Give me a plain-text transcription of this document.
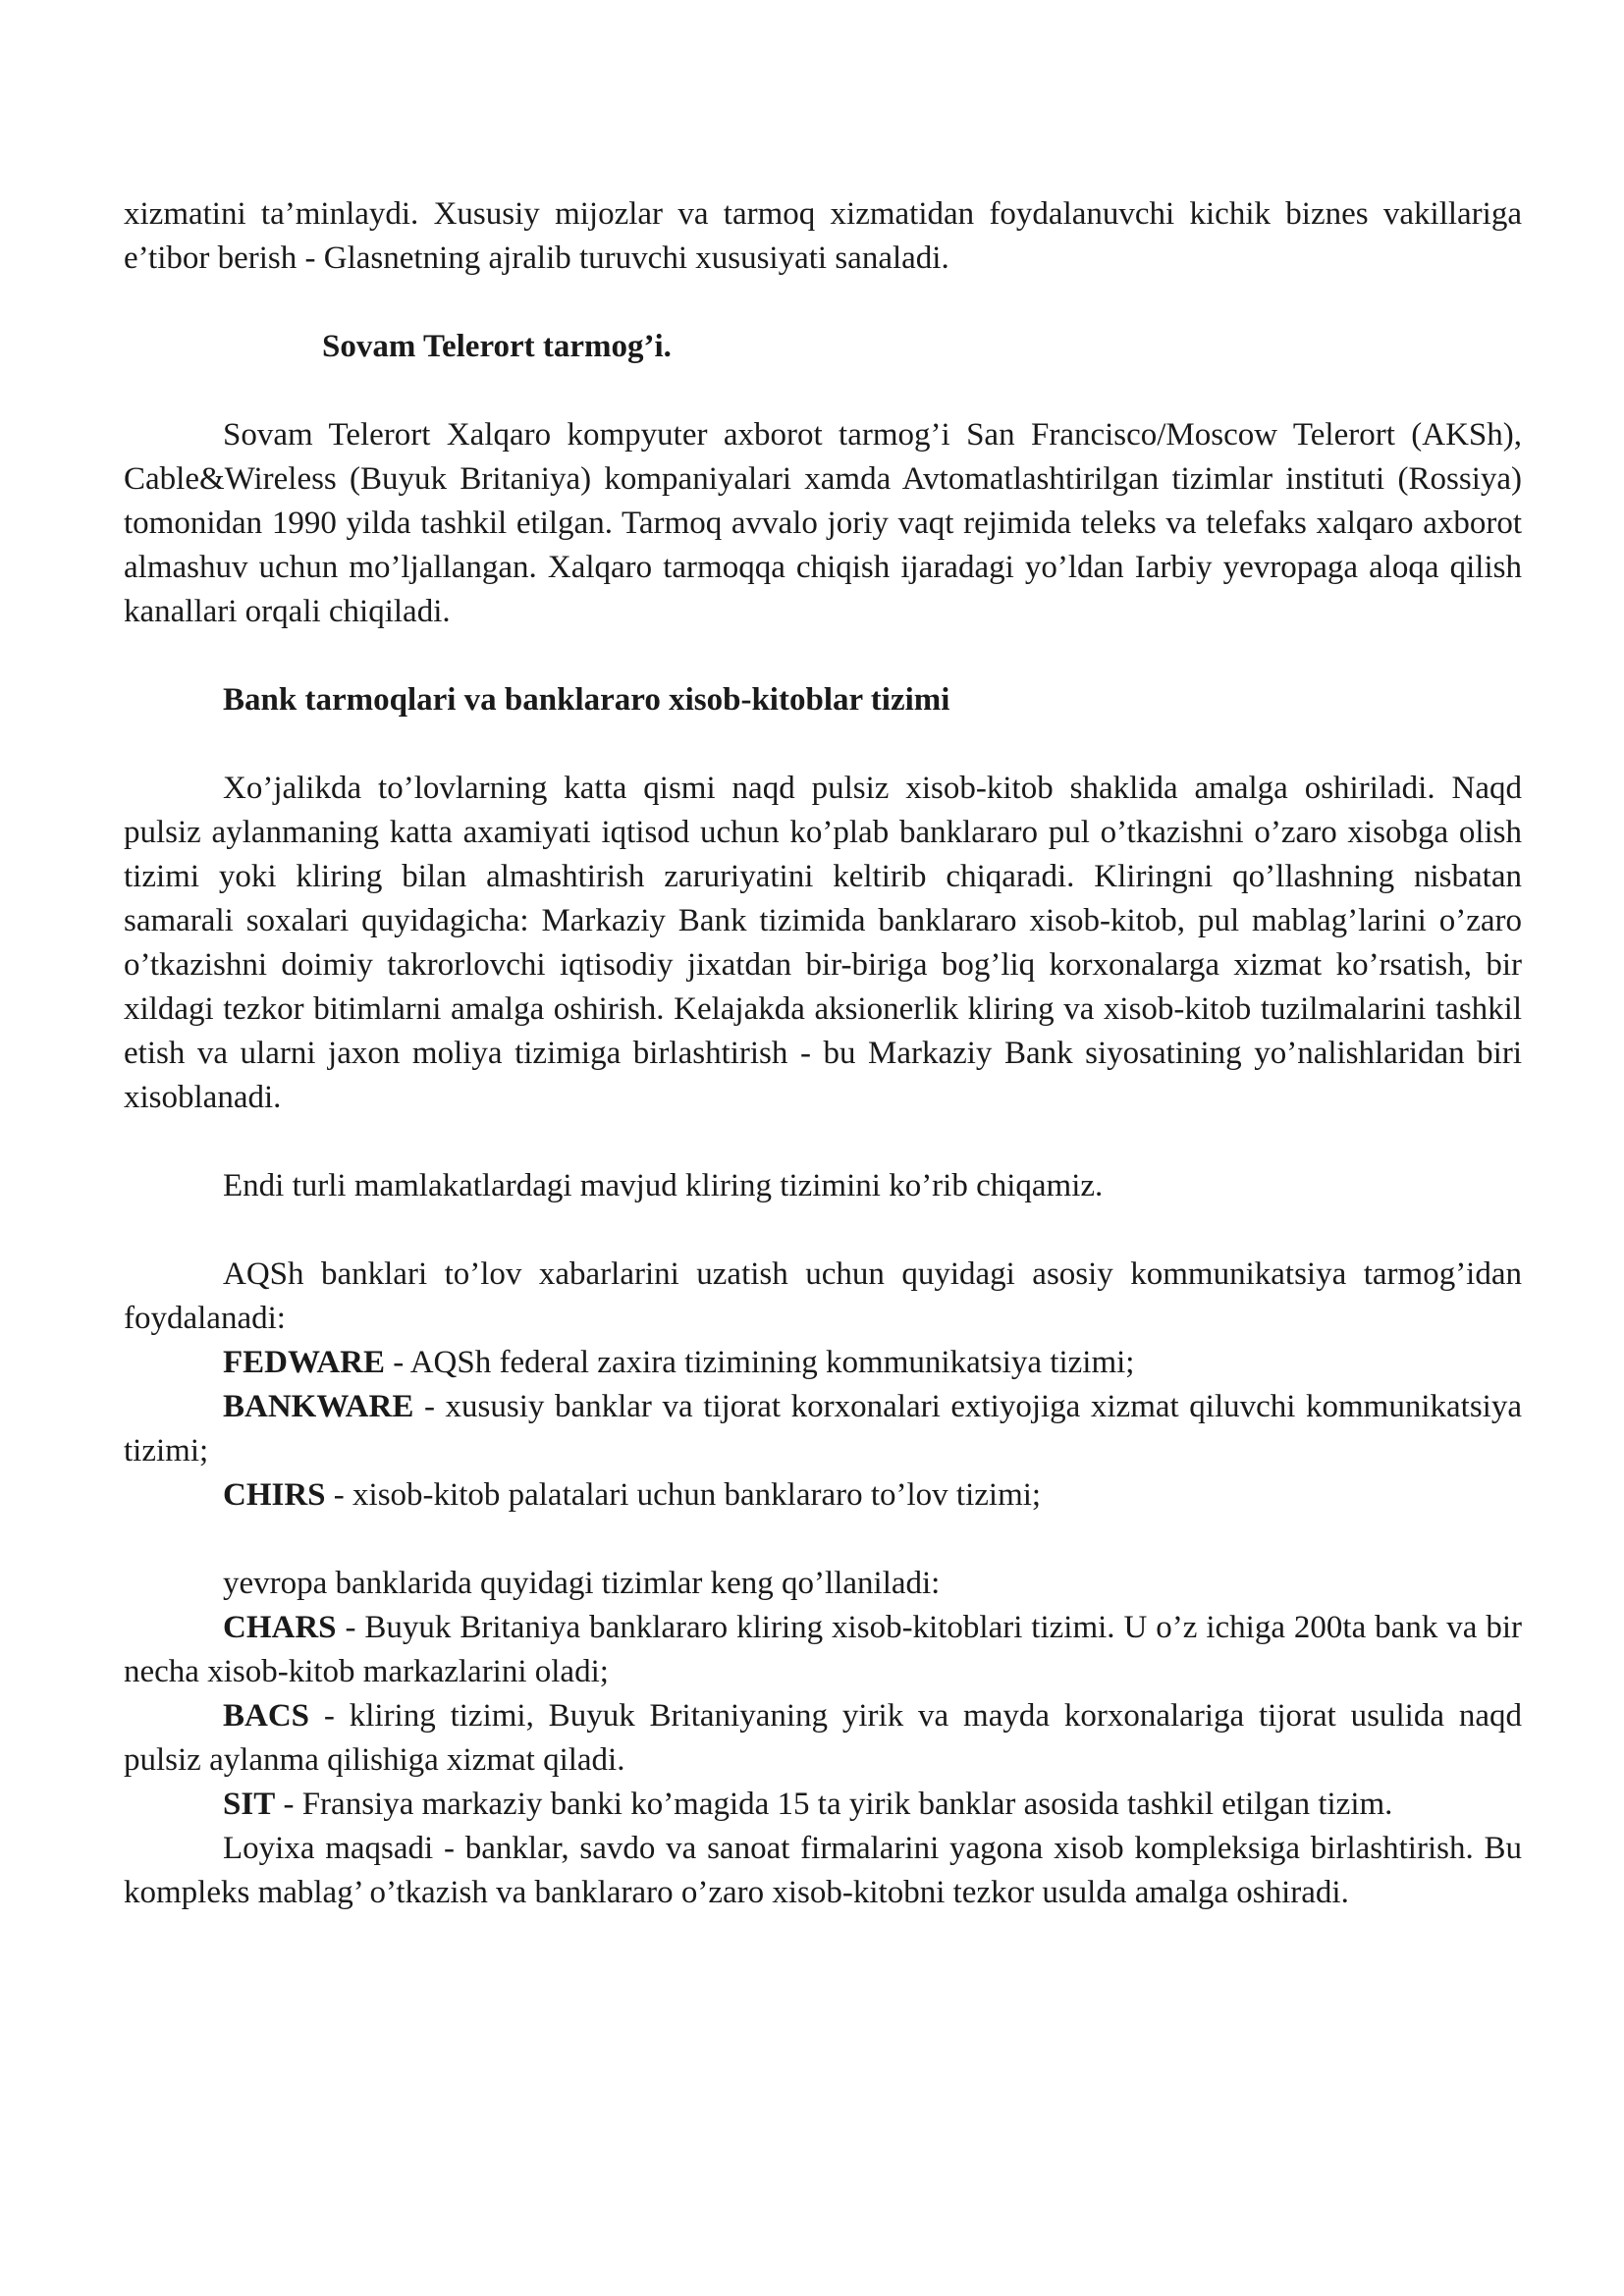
xizmatini ta’minlaydi. Xususiy mijozlar va tarmoq xizmatidan foydalanuvchi kichik biznes vakillariga e’tibor berish - Glasnetning ajralib turuvchi xususiyati sanaladi.

Sovam Telerort tarmog’i.

Sovam Telerort Xalqaro kompyuter axborot tarmog’i San Francisco/Moscow Telerort (AKSh), Cable&Wireless (Buyuk Britaniya) kompaniyalari xamda Avtomatlashtirilgan tizimlar instituti (Rossiya) tomonidan 1990 yilda tashkil etilgan. Tarmoq avvalo joriy vaqt rejimida teleks va telefaks xalqaro axborot almashuv uchun mo’ljallangan. Xalqaro tarmoqqa chiqish ijaradagi yo’ldan Iarbiy yevropaga aloqa qilish kanallari orqali chiqiladi.

Bank tarmoqlari va banklararo xisob-kitoblar tizimi

Xo’jalikda to’lovlarning katta qismi naqd pulsiz xisob-kitob shaklida amalga oshiriladi. Naqd pulsiz aylanmaning katta axamiyati iqtisod uchun ko’plab banklararo pul o’tkazishni o’zaro xisobga olish tizimi yoki kliring bilan almashtirish zaruriyatini keltirib chiqaradi. Kliringni qo’llashning nisbatan samarali soxalari quyidagicha: Markaziy Bank tizimida banklararo xisob-kitob, pul mablag’larini o’zaro o’tkazishni doimiy takrorlovchi iqtisodiy jixatdan bir-biriga bog’liq korxonalarga xizmat ko’rsatish, bir xildagi tezkor bitimlarni amalga oshirish. Kelajakda aksionerlik kliring va xisob-kitob tuzilmalarini tashkil etish va ularni jaxon moliya tizimiga birlashtirish - bu Markaziy Bank siyosatining yo’nalishlaridan biri xisoblanadi.

Endi turli mamlakatlardagi mavjud kliring tizimini ko’rib chiqamiz.

AQSh banklari to’lov xabarlarini uzatish uchun quyidagi asosiy kommunikatsiya tarmog’idan foydalanadi:

FEDWARE - AQSh federal zaxira tizimining kommunikatsiya tizimi;

BANKWARE - xususiy banklar va tijorat korxonalari extiyojiga xizmat qiluvchi kommunikatsiya tizimi;

CHIRS - xisob-kitob palatalari uchun banklararo to’lov tizimi;

yevropa banklarida quyidagi tizimlar keng qo’llaniladi:

CHARS - Buyuk Britaniya banklararo kliring xisob-kitoblari tizimi. U o’z ichiga 200ta bank va bir necha xisob-kitob markazlarini oladi;

BACS - kliring tizimi, Buyuk Britaniyaning yirik va mayda korxonalariga tijorat usulida naqd pulsiz aylanma qilishiga xizmat qiladi.

SIT - Fransiya markaziy banki ko’magida 15 ta yirik banklar asosida tashkil etilgan tizim.

Loyixa maqsadi - banklar, savdo va sanoat firmalarini yagona xisob kompleksiga birlashtirish. Bu kompleks mablag’ o’tkazish va banklararo o’zaro xisob-kitobni tezkor usulda amalga oshiradi.
